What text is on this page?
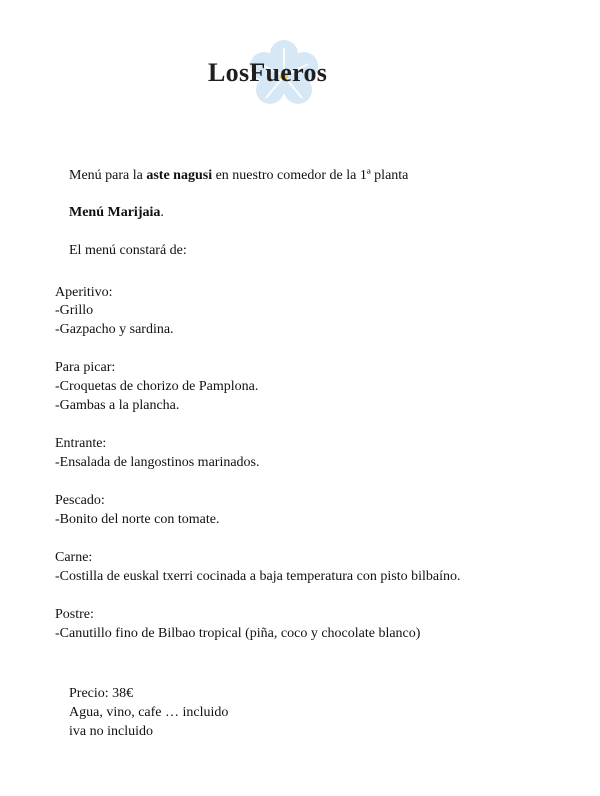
LosFueros
Menú para la aste nagusi en nuestro comedor de la 1ª planta
Menú Marijaia.
El menú constará de:
Aperitivo:
-Grillo
-Gazpacho y sardina.
Para picar:
-Croquetas de chorizo de Pamplona.
-Gambas a la plancha.
Entrante:
-Ensalada de langostinos marinados.
Pescado:
-Bonito del norte con tomate.
Carne:
-Costilla de euskal txerri cocinada a baja temperatura con pisto bilbaíno.
Postre:
-Canutillo fino de Bilbao tropical (piña, coco y chocolate blanco)
Precio: 38€
Agua, vino, cafe … incluido
iva no incluido
